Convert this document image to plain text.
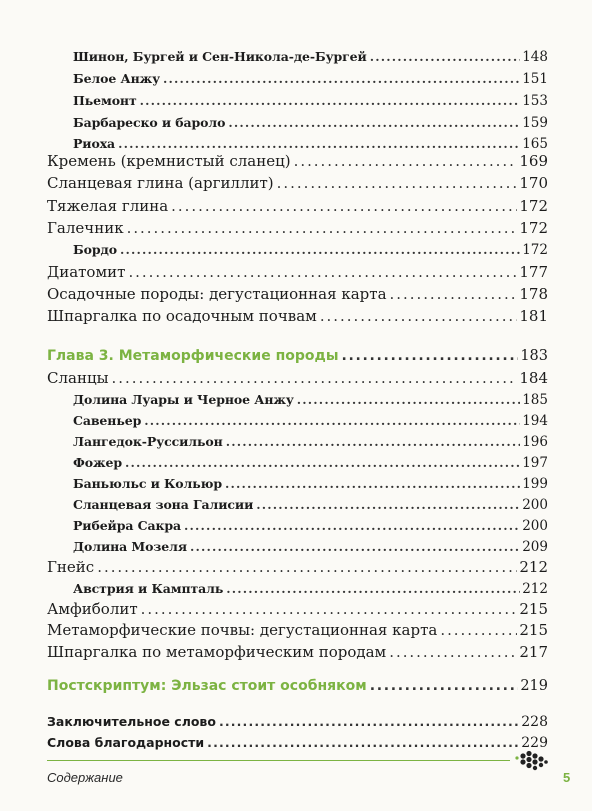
Шинон, Бургей и Сен-Никола-де-Бургей . . .	148
Белое Анжу . . .	151
Пьемонт . . .	153
Барбареско и бароло . . .	159
Риоха . . .	165
Кремень (кремнистый сланец) . . .	169
Сланцевая глина (аргиллит) . . .	170
Тяжелая глина . . .	172
Галечник . . .	172
Бордо . . .	172
Диатомит . . .	177
Осадочные породы: дегустационная карта . . .	178
Шпаргалка по осадочным почвам . . .	181
Глава 3. Метаморфические породы . . .	183
Сланцы . . .	184
Долина Луары и Черное Анжу . . .	185
Савеньер . . .	194
Лангедок-Руссильон . . .	196
Фожер . . .	197
Баньюльс и Кольюр . . .	199
Сланцевая зона Галисии . . .	200
Рибейра Сакра . . .	200
Долина Мозеля . . .	209
Гнейс . . .	212
Австрия и Кампталь . . .	212
Амфиболит . . .	215
Метаморфические почвы: дегустационная карта . . .	215
Шпаргалка по метаморфическим породам . . .	217
Постскриптум: Эльзас стоит особняком . . .	219
Заключительное слово . . .	228
Слова благодарности . . .	229
Содержание	5
